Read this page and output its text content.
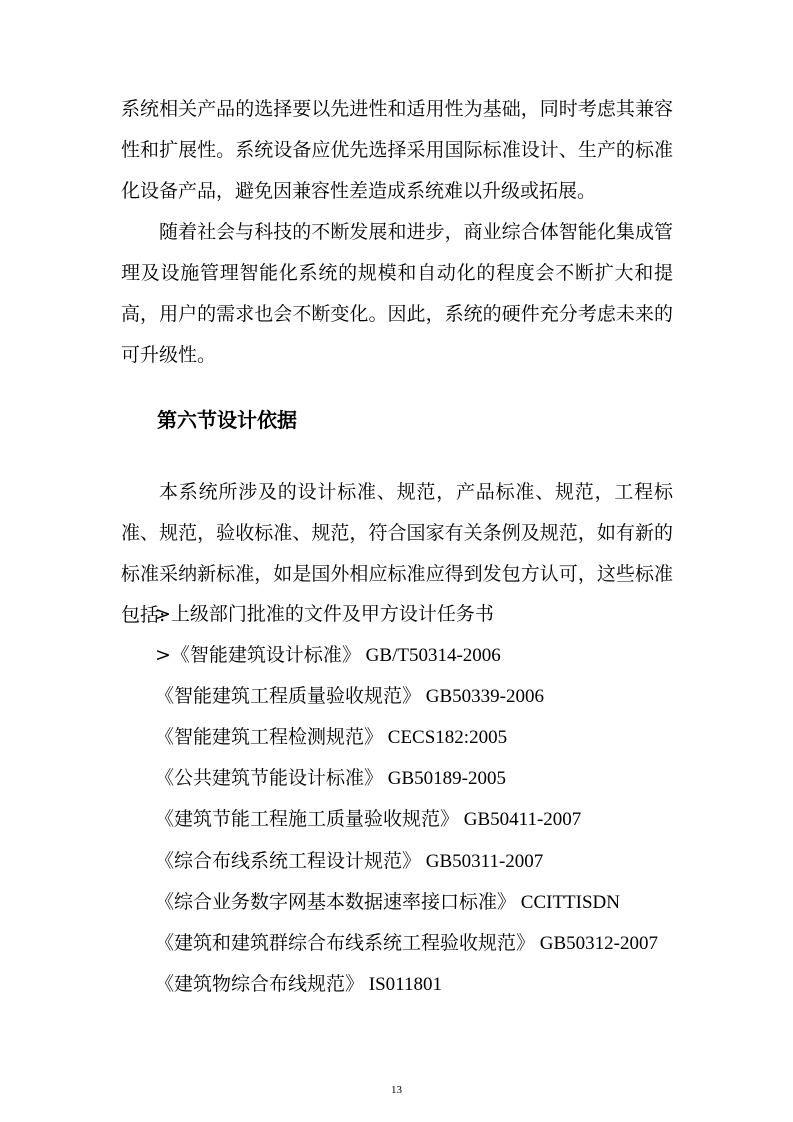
系统相关产品的选择要以先进性和适用性为基础，同时考虑其兼容性和扩展性。系统设备应优先选择采用国际标准设计、生产的标准化设备产品，避免因兼容性差造成系统难以升级或拓展。

随着社会与科技的不断发展和进步，商业综合体智能化集成管理及设施管理智能化系统的规模和自动化的程度会不断扩大和提高，用户的需求也会不断变化。因此，系统的硬件充分考虑未来的可升级性。

第六节设计依据

本系统所涉及的设计标准、规范，产品标准、规范，工程标准、规范，验收标准、规范，符合国家有关条例及规范，如有新的标准采纳新标准，如是国外相应标准应得到发包方认可，这些标准包括:

>上级部门批准的文件及甲方设计任务书
>《智能建筑设计标准》 GB/T50314-2006
《智能建筑工程质量验收规范》 GB50339-2006
《智能建筑工程检测规范》 CECS182:2005
《公共建筑节能设计标准》 GB50189-2005
《建筑节能工程施工质量验收规范》 GB50411-2007
《综合布线系统工程设计规范》 GB50311-2007
《综合业务数字网基本数据速率接口标准》 CCITTISDN
《建筑和建筑群综合布线系统工程验收规范》 GB50312-2007
《建筑物综合布线规范》 IS011801
13
